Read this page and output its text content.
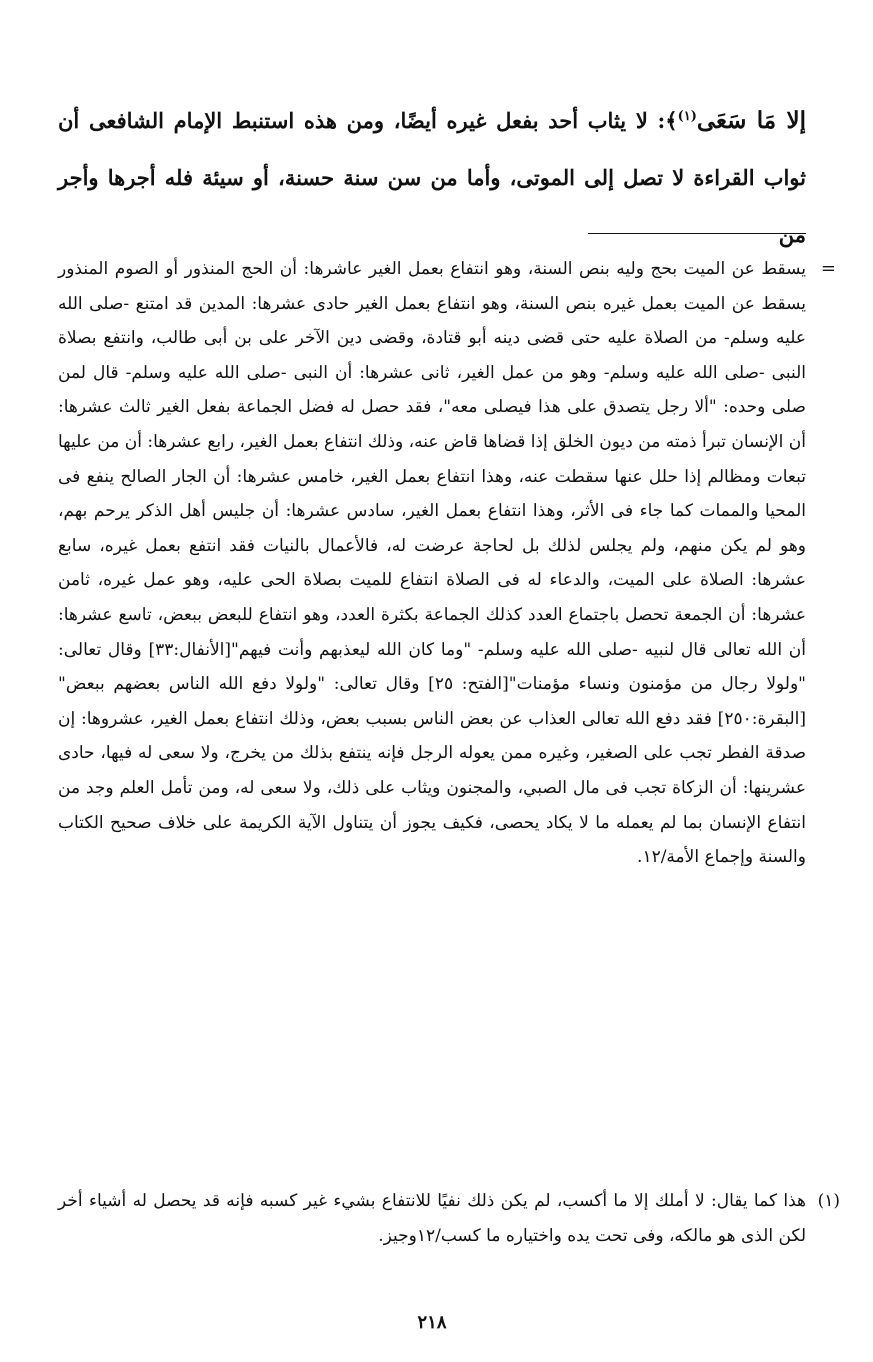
إلا مَا سَعَى$^{(١)}$﴾: لا يثاب أحد بفعل غيره أيضًا، ومن هذه استنبط الإمام الشافعى أن ثواب القراءة لا تصل إلى الموتى، وأما من سن سنة حسنة، أو سيئة فله أجرها وأجر من

=

يسقط عن الميت بحج وليه بنص السنة، وهو انتفاع بعمل الغير عاشرها: أن الحج المنذور أو الصوم المنذور يسقط عن الميت بعمل غيره بنص السنة، وهو انتفاع بعمل الغير حادى عشرها: المدين قد امتنع -صلى الله عليه وسلم- من الصلاة عليه حتى قضى دينه أبو قتادة، وقضى دين الآخر على بن أبى طالب، وانتفع بصلاة النبى -صلى الله عليه وسلم- وهو من عمل الغير، ثانى عشرها: أن النبى -صلى الله عليه وسلم- قال لمن صلى وحده: "ألا رجل يتصدق على هذا فيصلى معه"، فقد حصل له فضل الجماعة بفعل الغير ثالث عشرها: أن الإنسان تبرأ ذمته من ديون الخلق إذا قضاها قاض عنه، وذلك انتفاع بعمل الغير، رابع عشرها: أن من عليها تبعات ومظالم إذا حلل عنها سقطت عنه، وهذا انتفاع بعمل الغير، خامس عشرها: أن الجار الصالح ينفع فى المحيا والممات كما جاء فى الأثر، وهذا انتفاع بعمل الغير، سادس عشرها: أن جليس أهل الذكر يرحم بهم، وهو لم يكن منهم، ولم يجلس لذلك بل لحاجة عرضت له، فالأعمال بالنيات فقد انتفع بعمل غيره، سابع عشرها: الصلاة على الميت، والدعاء له فى الصلاة انتفاع للميت بصلاة الحى عليه، وهو عمل غيره، ثامن عشرها: أن الجمعة تحصل باجتماع العدد كذلك الجماعة بكثرة العدد، وهو انتفاع للبعض ببعض، تاسع عشرها: أن الله تعالى قال لنبيه -صلى الله عليه وسلم- "وما كان الله ليعذبهم وأنت فيهم"[الأنفال:٣٣] وقال تعالى: "ولولا رجال من مؤمنون ونساء مؤمنات"[الفتح: ٢٥] وقال تعالى: "ولولا دفع الله الناس بعضهم ببعض"[البقرة:٢٥٠] فقد دفع الله تعالى العذاب عن بعض الناس بسبب بعض، وذلك انتفاع بعمل الغير، عشروها: إن صدقة الفطر تجب على الصغير، وغيره ممن يعوله الرجل فإنه ينتفع بذلك من يخرج، ولا سعى له فيها، حادى عشرينها: أن الزكاة تجب فى مال الصبي، والمجنون ويثاب على ذلك، ولا سعى له، ومن تأمل العلم وجد من انتفاع الإنسان بما لم يعمله ما لا يكاد يحصى، فكيف يجوز أن يتناول الآية الكريمة على خلاف صحيح الكتاب والسنة وإجماع الأمة/١٢.

(١)

هذا كما يقال: لا أملك إلا ما أكسب، لم يكن ذلك نفيًا للانتفاع بشيء غير كسبه فإنه قد يحصل له أشياء أخر لكن الذى هو مالكه، وفى تحت يده واختياره ما كسب/١٢وجيز.

٢١٨
